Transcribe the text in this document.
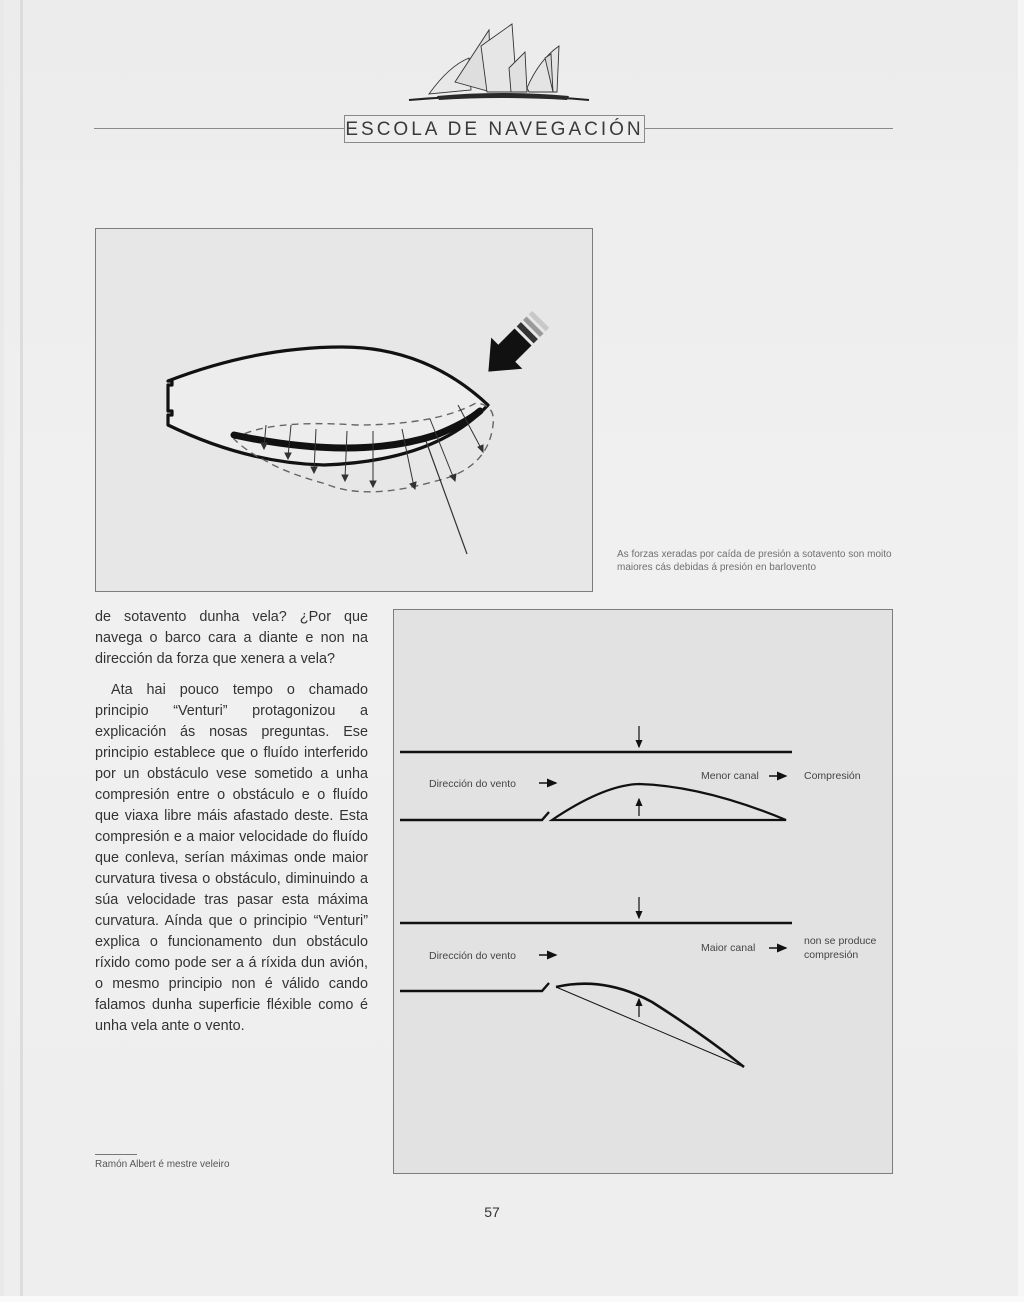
ESCOLA DE NAVEGACIÓN
As forzas xeradas por caída de presión a sotavento son moito maiores cás debidas á presión en barlovento

de sotavento dunha vela? ¿Por que navega o barco cara a diante e non na dirección da forza que xenera a vela?

Ata hai pouco tempo o chamado principio “Venturi” protagonizou a explicación ás nosas preguntas. Ese principio establece que o fluído interferido por un obstáculo vese sometido a unha compresión entre o obstáculo e o fluído que viaxa libre máis afastado deste. Esta compresión e a maior velocidade do fluído que conleva, serían máximas onde maior curvatura tivesa o obstáculo, diminuindo a súa velocidade tras pasar esta máxima curvatura. Aínda que o principio “Venturi” explica o funcionamento dun obstáculo ríxido como pode ser a á ríxida dun avión, o mesmo principio non é válido cando falamos dunha superficie fléxible como é unha vela ante o vento.

Dirección do vento
Menor canal	Compresión
Dirección do vento
Maior canal
non se produce
compresión
Ramón Albert é mestre veleiro
57
